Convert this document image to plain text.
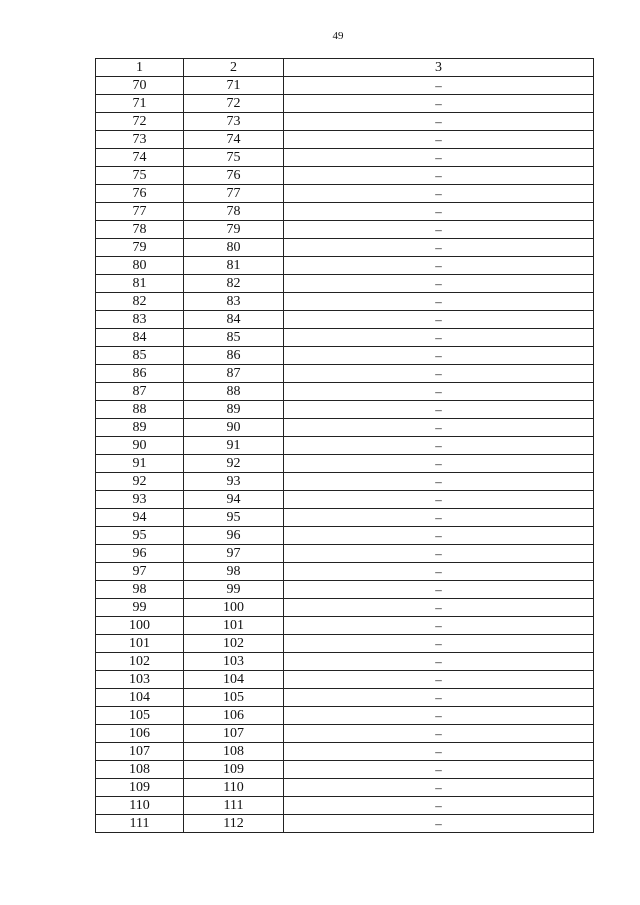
49
1	2	3
70	71	–
71	72	–
72	73	–
73	74	–
74	75	–
75	76	–
76	77	–
77	78	–
78	79	–
79	80	–
80	81	–
81	82	–
82	83	–
83	84	–
84	85	–
85	86	–
86	87	–
87	88	–
88	89	–
89	90	–
90	91	–
91	92	–
92	93	–
93	94	–
94	95	–
95	96	–
96	97	–
97	98	–
98	99	–
99	100	–
100	101	–
101	102	–
102	103	–
103	104	–
104	105	–
105	106	–
106	107	–
107	108	–
108	109	–
109	110	–
110	111	–
111	112	–
